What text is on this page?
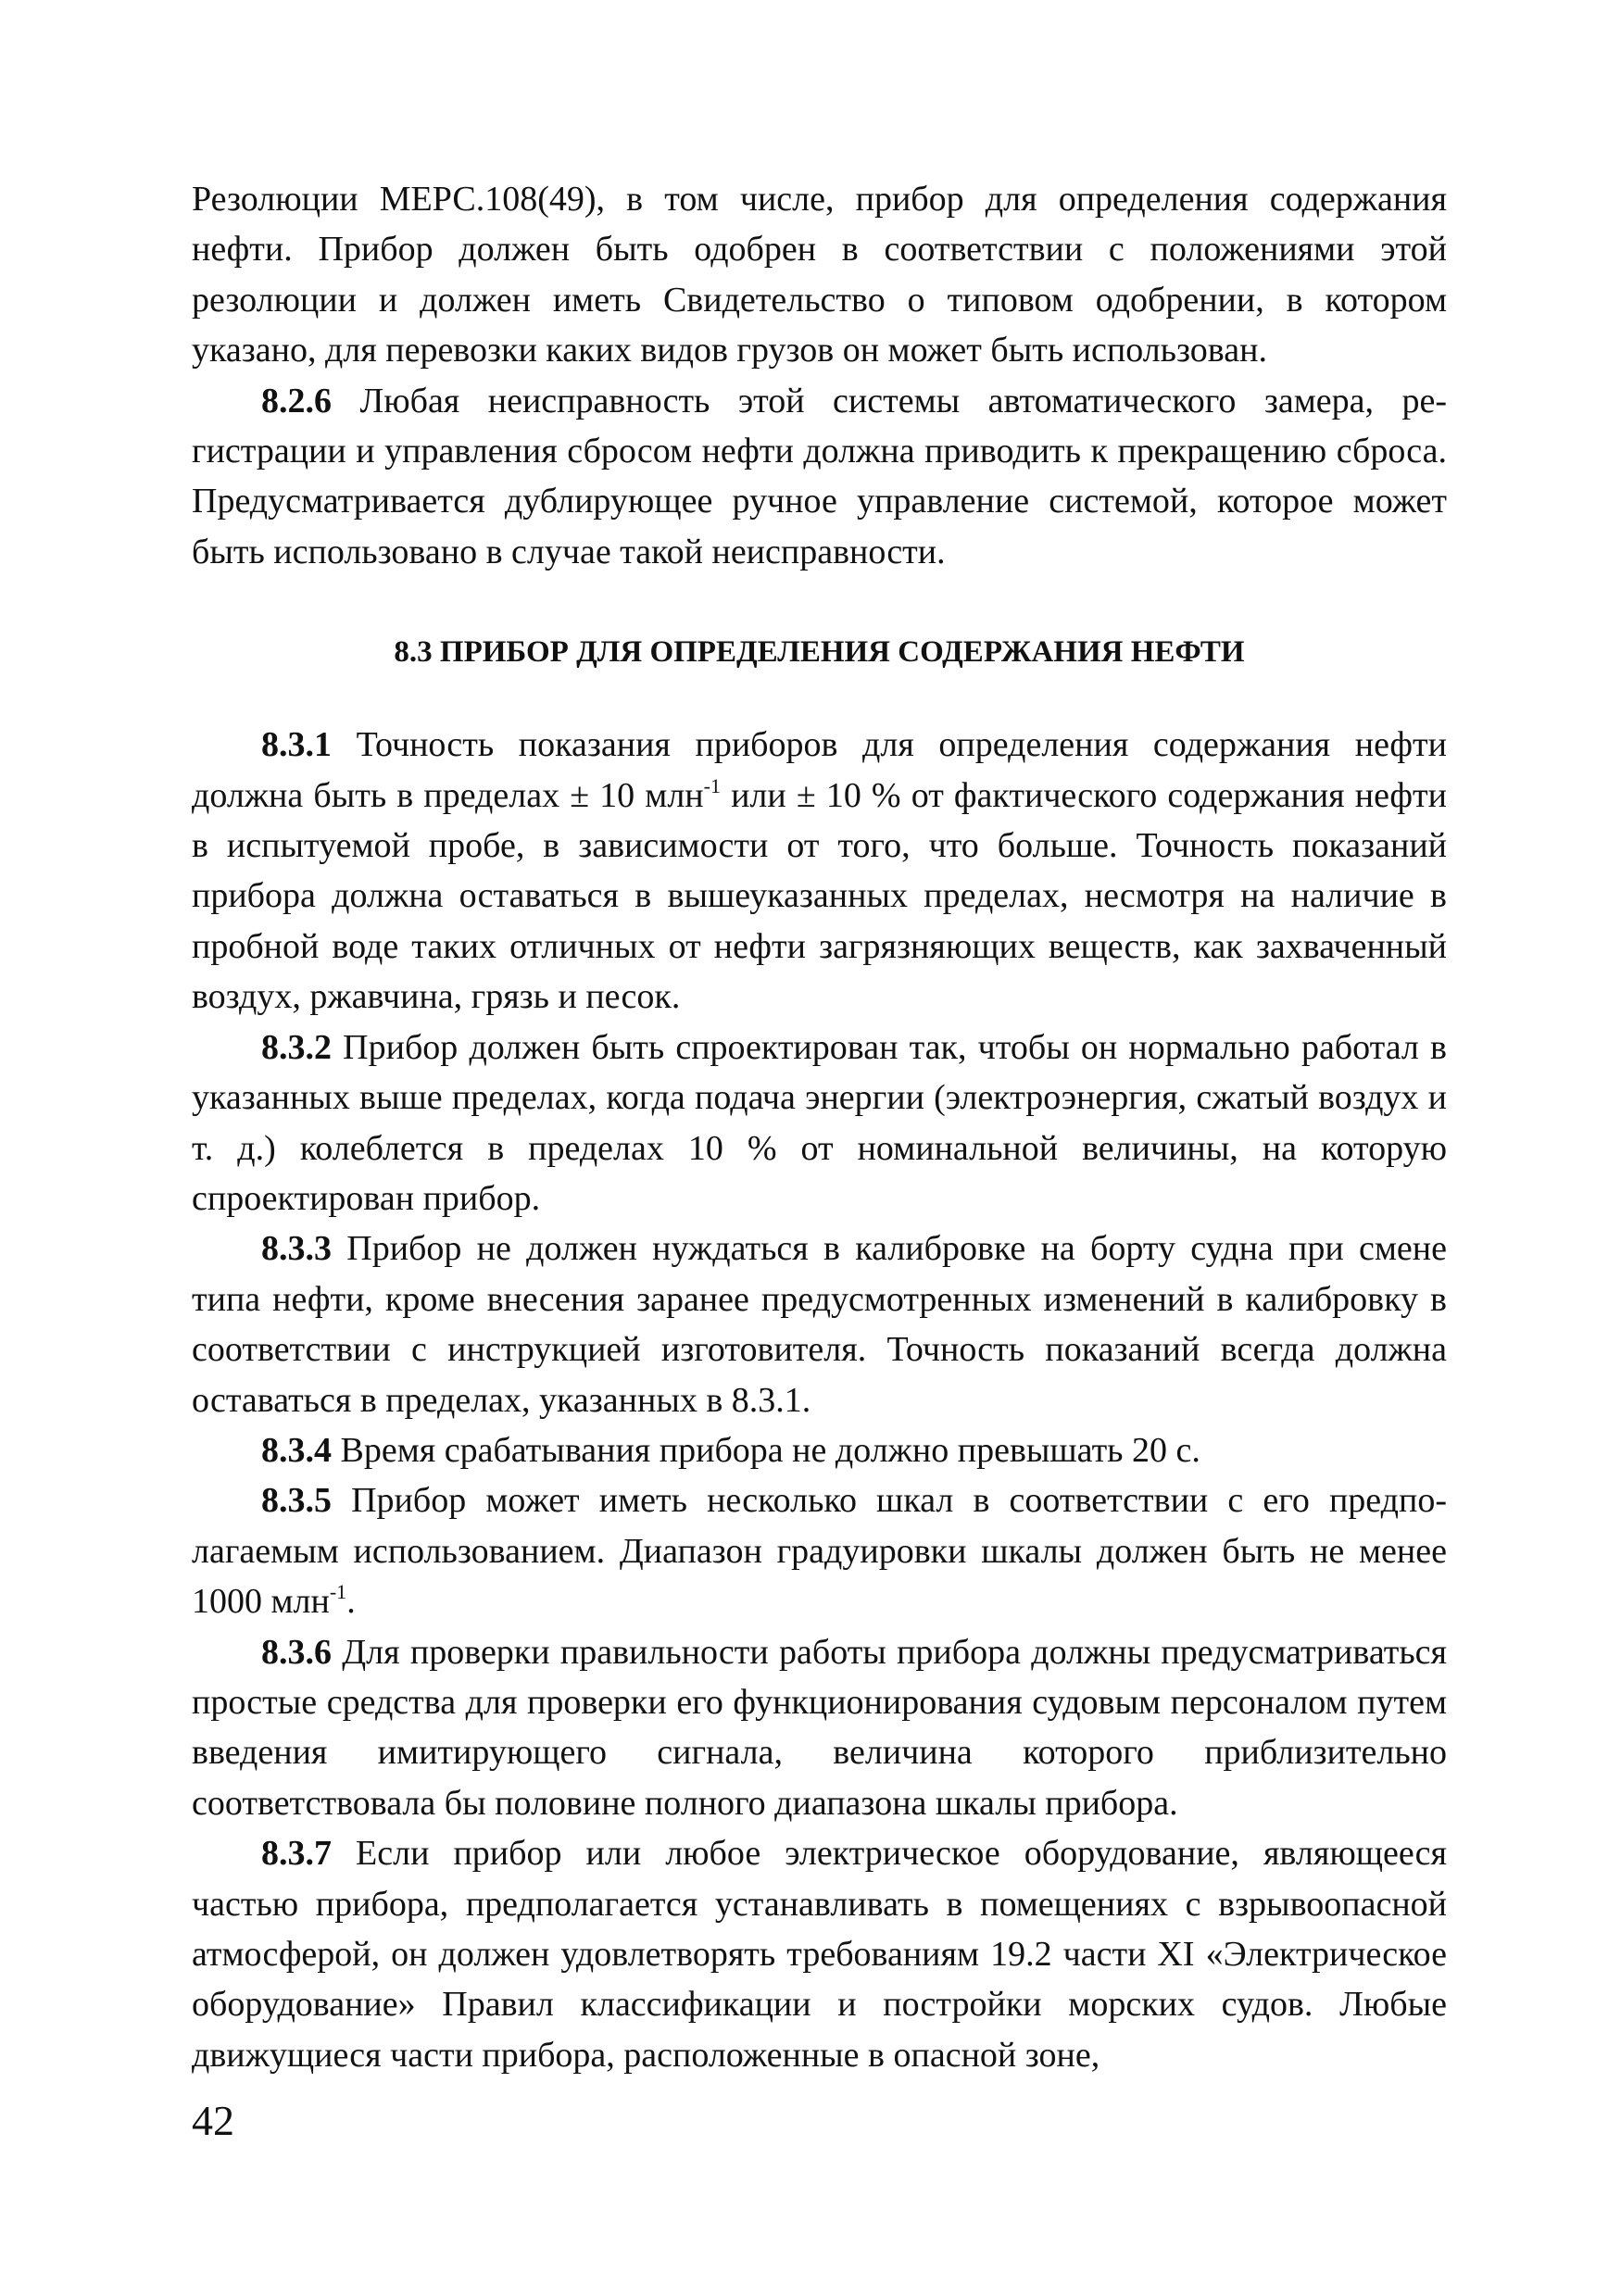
Резолюции МЕРС.108(49), в том числе, прибор для определения содержания нефти. Прибор должен быть одобрен в соответствии с положениями этой резолюции и должен иметь Свидетельство о типовом одобрении, в котором указано, для перевозки каких видов грузов он может быть использован.

8.2.6 Любая неисправность этой системы автоматического замера, регистрации и управления сбросом нефти должна приводить к прекращению сброса. Предусматривается дублирующее ручное управление системой, которое может быть использовано в случае такой неисправности.

8.3 ПРИБОР ДЛЯ ОПРЕДЕЛЕНИЯ СОДЕРЖАНИЯ НЕФТИ

8.3.1 Точность показания приборов для определения содержания нефти должна быть в пределах ± 10 млн$^{-1}$ или ± 10 % от фактического содержания нефти в испытуемой пробе, в зависимости от того, что больше. Точность показаний прибора должна оставаться в вышеуказанных пределах, несмотря на наличие в пробной воде таких отличных от нефти загрязняющих веществ, как захваченный воздух, ржавчина, грязь и песок.

8.3.2 Прибор должен быть спроектирован так, чтобы он нормально работал в указанных выше пределах, когда подача энергии (электроэнергия, сжатый воздух и т. д.) колеблется в пределах 10 % от номинальной величины, на которую спроектирован прибор.

8.3.3 Прибор не должен нуждаться в калибровке на борту судна при смене типа нефти, кроме внесения заранее предусмотренных изменений в калибровку в соответствии с инструкцией изготовителя. Точность показаний всегда должна оставаться в пределах, указанных в 8.3.1.

8.3.4 Время срабатывания прибора не должно превышать 20 с.

8.3.5 Прибор может иметь несколько шкал в соответствии с его предполагаемым использованием. Диапазон градуировки шкалы должен быть не менее 1000 млн$^{-1}$.

8.3.6 Для проверки правильности работы прибора должны предусматриваться простые средства для проверки его функционирования судовым персоналом путем введения имитирующего сигнала, величина которого приблизительно соответствовала бы половине полного диапазона шкалы прибора.

8.3.7 Если прибор или любое электрическое оборудование, являющееся частью прибора, предполагается устанавливать в помещениях с взрывоопасной атмосферой, он должен удовлетворять требованиям 19.2 части XI «Электрическое оборудование» Правил классификации и постройки морских судов. Любые движущиеся части прибора, расположенные в опасной зоне,

42
